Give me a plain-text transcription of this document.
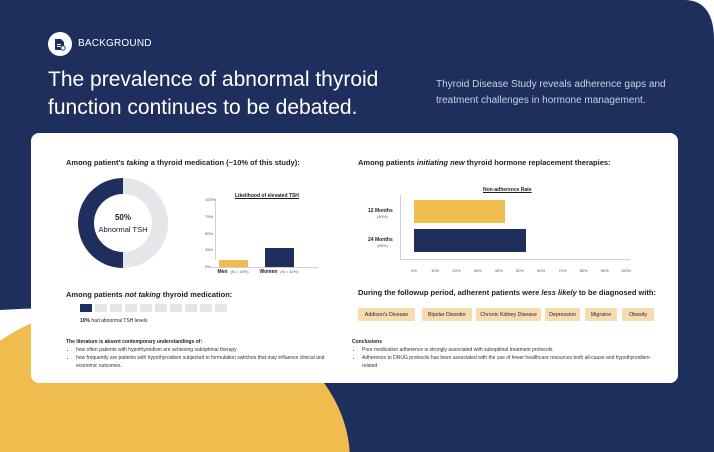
BACKGROUND
The prevalence of abnormal thyroid function continues to be debated.
Thyroid Disease Study reveals adherence gaps and treatment challenges in hormone management.
Among patient's taking a thyroid medication (~10% of this study):
50%
Abnormal TSH
Likelihood of elevated TSH
100%
75%
50%
25%
Men (N = 15%) Women (N = 42%)
Among patients not taking thyroid medication:
10% had abnormal TSH levels
The literature is absent contemporary understandings of:
• how often patients with hypothyroidism are achieving suboptimal therapy
• how frequently are patients with hypothyroidism subjected to formulation switches that may influence clinical and economic outcomes.
Among patients initiating new thyroid hormone replacement therapies:
Non-adherence Rate
12 Months
(40%)
24 Months
(65%)
0%	10%	20%	30%	40%	50%	60%	70%	80%	90%	100%
During the followup period, adherent patients were less likely to be diagnosed with:
Addison's Disease	Bipolar Disorder	Chronic Kidney Disease	Depression	Migraine	Obesity
Conclusions
• Poor medication adherence is strongly associated with suboptimal treatment protocols.
• Adherence to DRUG protocols has been associated with the use of fewer healthcare resources both all-cause and hypothyroidism-related
